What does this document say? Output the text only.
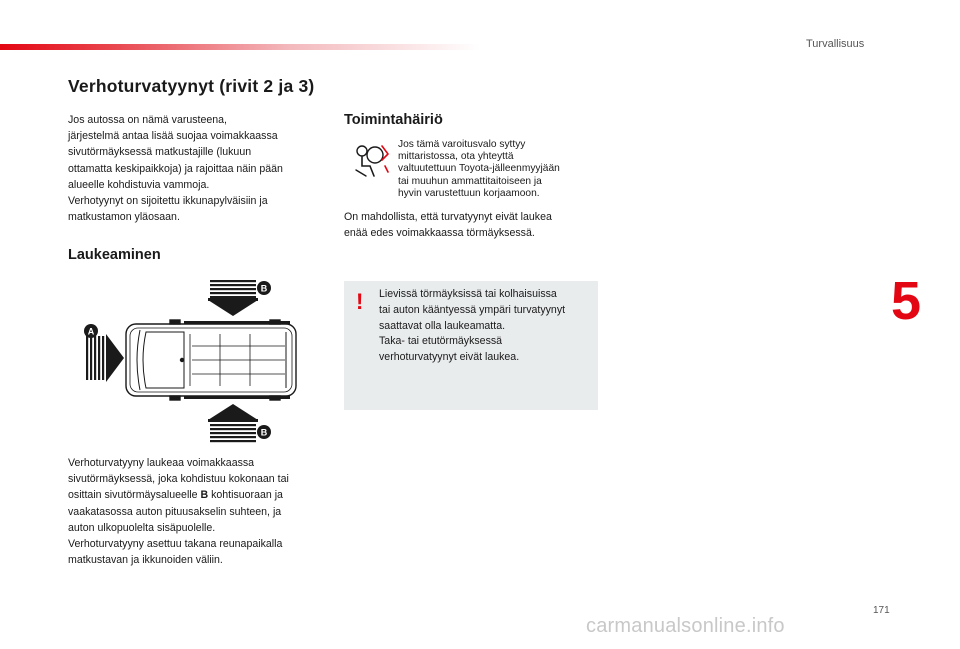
Turvallisuus
Verhoturvatyynyt (rivit 2 ja 3)

Jos autossa on nämä varusteena,
järjestelmä antaa lisää suojaa voimakkaassa
sivutörmäyksessä matkustajille (lukuun
ottamatta keskipaikkoja) ja rajoittaa näin pään
alueelle kohdistuvia vammoja.
Verhotyynyt on sijoitettu ikkunapylväisiin ja
matkustamon yläosaan.

Laukeaminen
B
B
A

Verhoturvatyyny laukeaa voimakkaassa
sivutörmäyksessä, joka kohdistuu kokonaan tai
osittain sivutörmäysalueelle B kohtisuoraan ja
vaakatasossa auton pituusakselin suhteen, ja
auton ulkopuolelta sisäpuolelle.
Verhoturvatyyny asettuu takana reunapaikalla
matkustavan ja ikkunoiden väliin.

Toimintahäiriö

Jos tämä varoitusvalo syttyy
mittaristossa, ota yhteyttä
valtuutettuun Toyota-jälleenmyyjään
tai muuhun ammattitaitoiseen ja
hyvin varustettuun korjaamoon.

On mahdollista, että turvatyynyt eivät laukea
enää edes voimakkaassa törmäyksessä.

! Lievissä törmäyksissä tai kolhaisuissa
tai auton kääntyessä ympäri turvatyynyt
saattavat olla laukeamatta.
Taka- tai etutörmäyksessä
verhoturvatyynyt eivät laukea.

5
171
carmanualsonline.info
